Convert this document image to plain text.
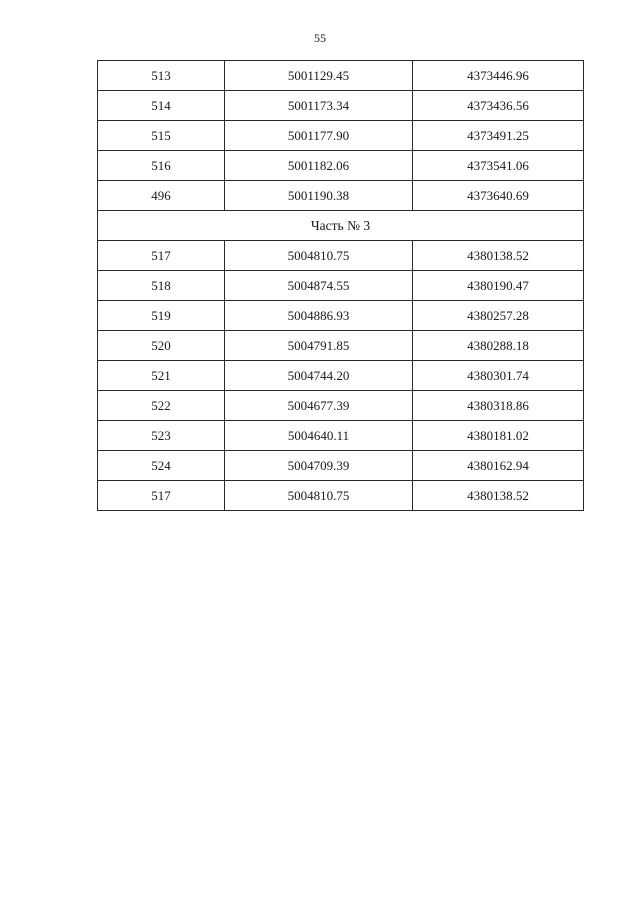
55
513	5001129.45	4373446.96
514	5001173.34	4373436.56
515	5001177.90	4373491.25
516	5001182.06	4373541.06
496	5001190.38	4373640.69
Часть № 3		
517	5004810.75	4380138.52
518	5004874.55	4380190.47
519	5004886.93	4380257.28
520	5004791.85	4380288.18
521	5004744.20	4380301.74
522	5004677.39	4380318.86
523	5004640.11	4380181.02
524	5004709.39	4380162.94
517	5004810.75	4380138.52
